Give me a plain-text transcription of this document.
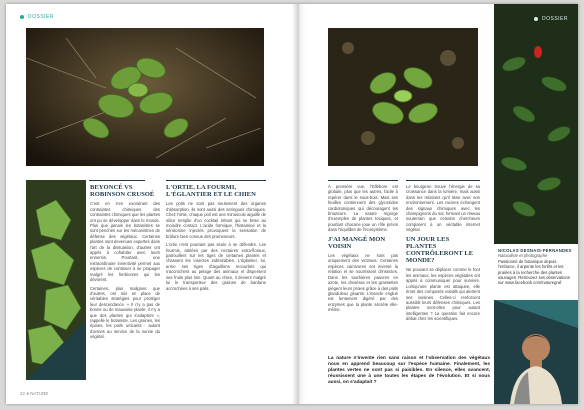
DOSSIER
BEYONCÉ VS ROBINSON CRUSOÉ

C'est en s'en exonérant des contraintes chimiques des contraintes chimiques que les plantes ont pu se développer dans le monde. Plus que jamais les botanistes se sont penchés sur les mécanismes de défense des végétaux. Certaines plantes sont devenues expertes dans l'art de la dissuasion, d'autres ont appris à cohabiter avec leurs ennemis. Pourtant, une extraordinaire inventivité permet aux espèces de continuer à se propager malgré les herbivores qui les dévorent.

Certaines, plus malignes que d'autres, ont mis en place de véritables stratégies pour protéger leur descendance. « Il n'y a pas de bonne ou de mauvaise plante, il n'y a que des plantes qui s'adaptent », rappelle le botaniste. Les graines, les épines, les poils urticants : autant d'armes au service de la survie du végétal.

L'ORTIE, LA FOURMI, L'ÉGLANTIER ET LE CHIEN

Les poils ne sont pas seulement des organes d'absorption, ils sont aussi des seringues chimiques. Chez l'ortie, chaque poil est une minuscule aiguille de silice remplie d'un cocktail irritant qui se brise au moindre contact. L'acide formique, l'histamine et la sérotonine injectés provoquent la sensation de brûlure bien connue des promeneurs.

L'ortie n'est pourtant pas seule à se défendre. Les fourmis, attirées par des nectaires extra-floraux, patrouillent sur les tiges de certaines plantes et chassent les insectes indésirables. L'églantier, lui, arme ses tiges d'aiguillons recourbés qui s'accrochent au pelage des animaux et dispersent ses fruits plus loin. Quant au chien, il devient malgré lui le transporteur des graines de bardane accrochées à ses poils.

22 ● NATURE
DOSSIER

À première vue, l'Ellébore est globale, plus que les autres, facile à repérer dans le sous-bois. Mais ses feuilles contiennent des glycosides cardiotoniques qui découragent les brouteurs. La nature regorge d'exemples de plantes toxiques, et pourtant chacune joue un rôle précis dans l'équilibre de l'écosystème.

J'AI MANGÉ MON VOISIN

Les végétaux ne sont pas uniquement des victimes. Certaines espèces carnivores ont inversé la relation et se nourrissent d'insectes. Dans les tourbières pauvres en azote, les droséras et les grassettes piègent leurs proies grâce à des poils glanduleux gluants. L'insecte englué est lentement digéré par des enzymes que la plante sécrète elle-même.

Le bourgeon trouve l'énergie de sa croissance dans la lumière, mais aussi dans les relations qu'il tisse avec son environnement. Les racines échangent des signaux chimiques avec les champignons du sol, formant un réseau souterrain que certains chercheurs comparent à un véritable internet végétal.

UN JOUR LES PLANTES CONTRÔLERONT LE MONDE?

Ne pouvant se déplacer comme le font les animaux, les espèces végétales ont appris à communiquer pour survivre. Lorsqu'une plante est attaquée, elle émet des composés volatils qui alertent ses voisines. Celles-ci renforcent aussitôt leurs défenses chimiques. Les plantes sont-elles pour autant intelligentes ? La question fait encore débat chez les scientifiques.

NICOLAS DESNAIS-FERNANDES
Naturaliste et photographe
Passionné de botanique depuis l'enfance, il arpente les forêts et les prairies à la recherche des plantes sauvages. Retrouvez ses observations sur www.facebook.com/naturegraf
La nature n'invente rien sans raison et l'observation des végétaux nous en apprend beaucoup sur l'espèce humaine. Finalement, les plantes vertes ne sont pas si paisibles. En silence, elles avancent, réussissent une à une toutes les étapes de l'évolution. Et si nous aussi, on s'adaptait ?
